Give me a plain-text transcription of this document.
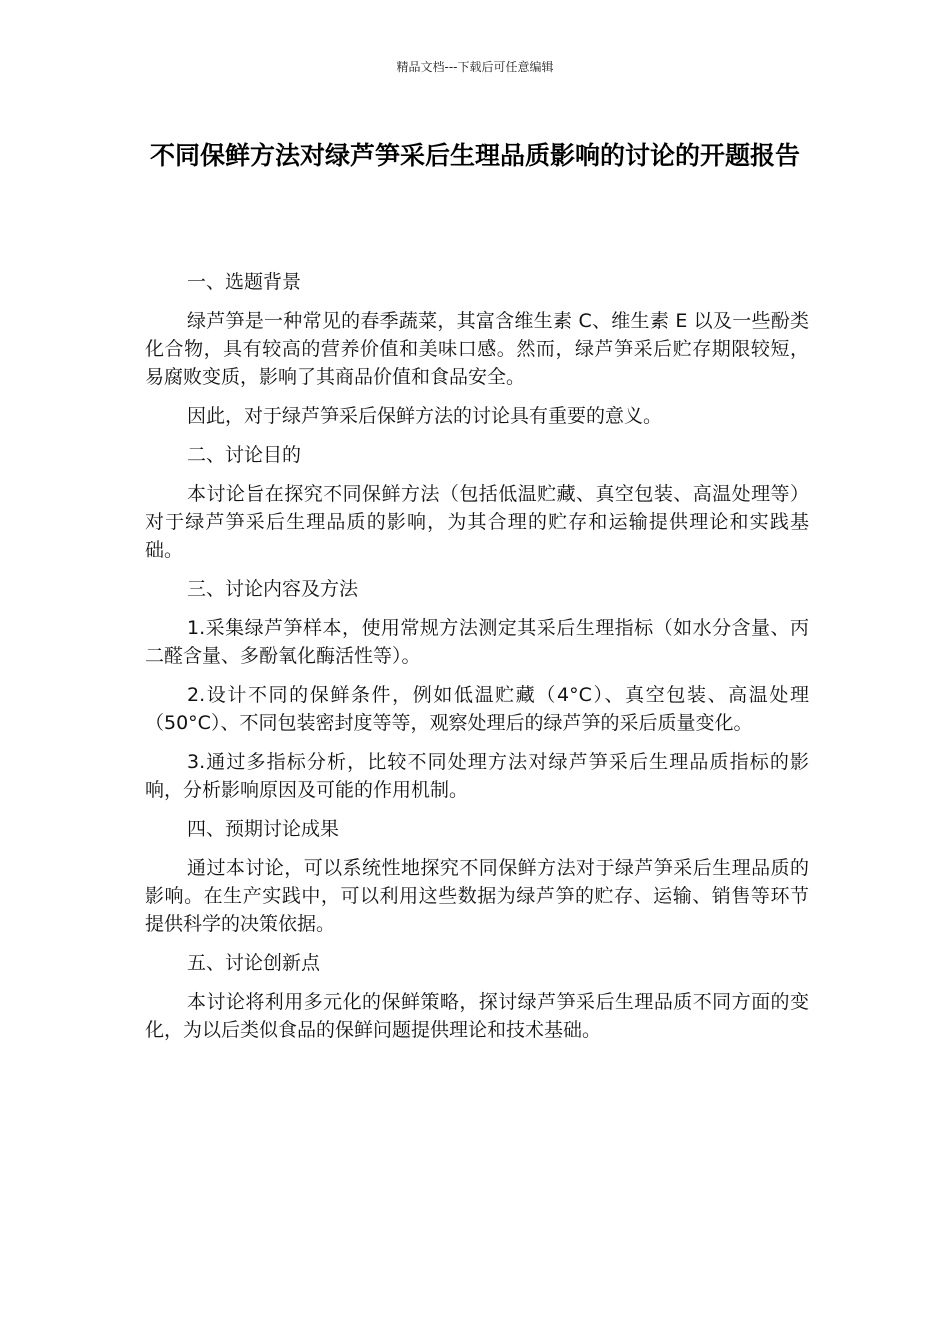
精品文档---下载后可任意编辑
不同保鲜方法对绿芦笋采后生理品质影响的讨论的开题报告

一、选题背景

绿芦笋是一种常见的春季蔬菜，其富含维生素 C、维生素 E 以及一些酚类化合物，具有较高的营养价值和美味口感。然而，绿芦笋采后贮存期限较短，易腐败变质，影响了其商品价值和食品安全。

因此，对于绿芦笋采后保鲜方法的讨论具有重要的意义。

二、讨论目的

本讨论旨在探究不同保鲜方法（包括低温贮藏、真空包装、高温处理等）对于绿芦笋采后生理品质的影响，为其合理的贮存和运输提供理论和实践基础。

三、讨论内容及方法

1.采集绿芦笋样本，使用常规方法测定其采后生理指标（如水分含量、丙二醛含量、多酚氧化酶活性等）。

2.设计不同的保鲜条件，例如低温贮藏（4°C）、真空包装、高温处理（50°C）、不同包装密封度等等，观察处理后的绿芦笋的采后质量变化。

3.通过多指标分析，比较不同处理方法对绿芦笋采后生理品质指标的影响，分析影响原因及可能的作用机制。

四、预期讨论成果

通过本讨论，可以系统性地探究不同保鲜方法对于绿芦笋采后生理品质的影响。在生产实践中，可以利用这些数据为绿芦笋的贮存、运输、销售等环节提供科学的决策依据。

五、讨论创新点

本讨论将利用多元化的保鲜策略，探讨绿芦笋采后生理品质不同方面的变化，为以后类似食品的保鲜问题提供理论和技术基础。
